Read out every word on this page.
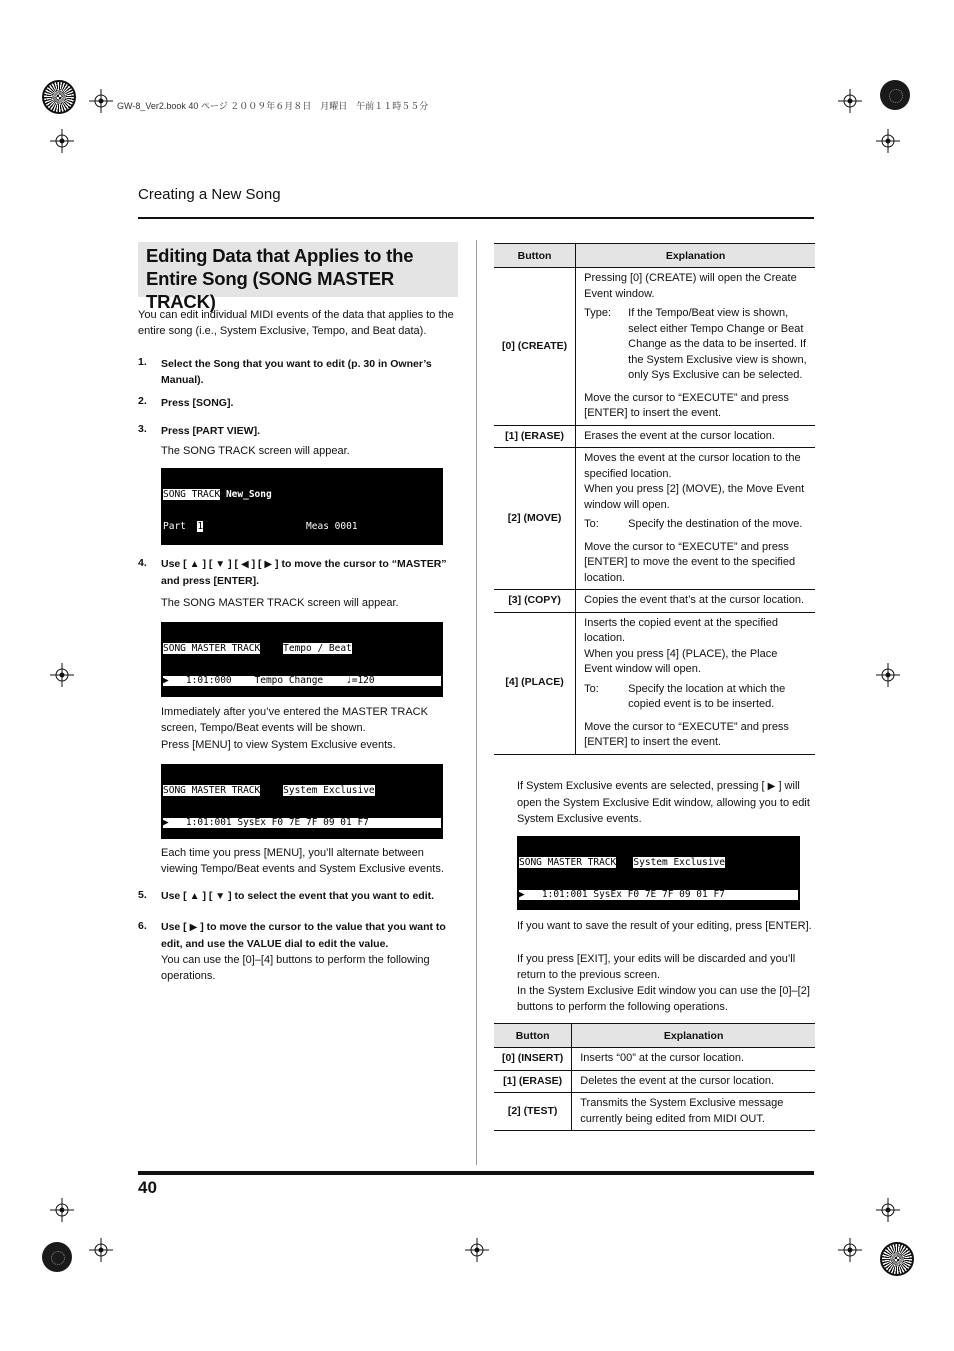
GW-8_Ver2.book 40 ページ ２００９年６月８日　月曜日　午前１１時５５分
Creating a New Song
Editing Data that Applies to the Entire Song (SONG MASTER TRACK)
You can edit individual MIDI events of the data that applies to the entire song (i.e., System Exclusive, Tempo, and Beat data).
1. Select the Song that you want to edit (p. 30 in Owner’s Manual).
2. Press [SONG].
3. Press [PART VIEW].
The SONG TRACK screen will appear.

SONG TRACK New_Song

Part 1	Meas 0001

4. Use [ ▲ ] [ ▼ ] [ ◀ ] [ ▶ ] to move the cursor to “MASTER” and press [ENTER].
The SONG MASTER TRACK screen will appear.

SONG MASTER TRACK Tempo / Beat

▶   1:01:000    Tempo Change    ♩=120

Immediately after you’ve entered the MASTER TRACK screen, Tempo/Beat events will be shown.
Press [MENU] to view System Exclusive events.

SONG MASTER TRACK System Exclusive

▶   1:01:001 SysEx F0 7E 7F 09 01 F7

Each time you press [MENU], you’ll alternate between viewing Tempo/Beat events and System Exclusive events.
5. Use [ ▲ ] [ ▼ ] to select the event that you want to edit.
6. Use [ ▶ ] to move the cursor to the value that you want to edit, and use the VALUE dial to edit the value.
You can use the [0]–[4] buttons to perform the following operations.
Button	Explanation
[0] (CREATE)	Pressing [0] (CREATE) will open the Create Event window.
Type: If the Tempo/Beat view is shown, select either Tempo Change or Beat Change as the data to be inserted. If the System Exclusive view is shown, only Sys Exclusive can be selected.
Move the cursor to “EXECUTE” and press [ENTER] to insert the event.

[1] (ERASE)	Erases the event at the cursor location.
[2] (MOVE)	Moves the event at the cursor location to the specified location.
When you press [2] (MOVE), the Move Event window will open.
To: Specify the destination of the move.
Move the cursor to “EXECUTE” and press [ENTER] to move the event to the specified location.

[3] (COPY)	Copies the event that’s at the cursor location.
[4] (PLACE)	Inserts the copied event at the specified location.
When you press [4] (PLACE), the Place Event window will open.
To: Specify the location at which the copied event is to be inserted.
Move the cursor to “EXECUTE” and press [ENTER] to insert the event.
If System Exclusive events are selected, pressing [ ▶ ] will open the System Exclusive Edit window, allowing you to edit System Exclusive events.

SONG MASTER TRACK System Exclusive

▶   1:01:001 SysEx F0 7E 7F 09 01 F7

If you want to save the result of your editing, press [ENTER].
If you press [EXIT], your edits will be discarded and you’ll return to the previous screen.
In the System Exclusive Edit window you can use the [0]–[2] buttons to perform the following operations.
Button	Explanation
[0] (INSERT)	Inserts “00” at the cursor location.
[1] (ERASE)	Deletes the event at the cursor location.
[2] (TEST)	Transmits the System Exclusive message currently being edited from MIDI OUT.
40
